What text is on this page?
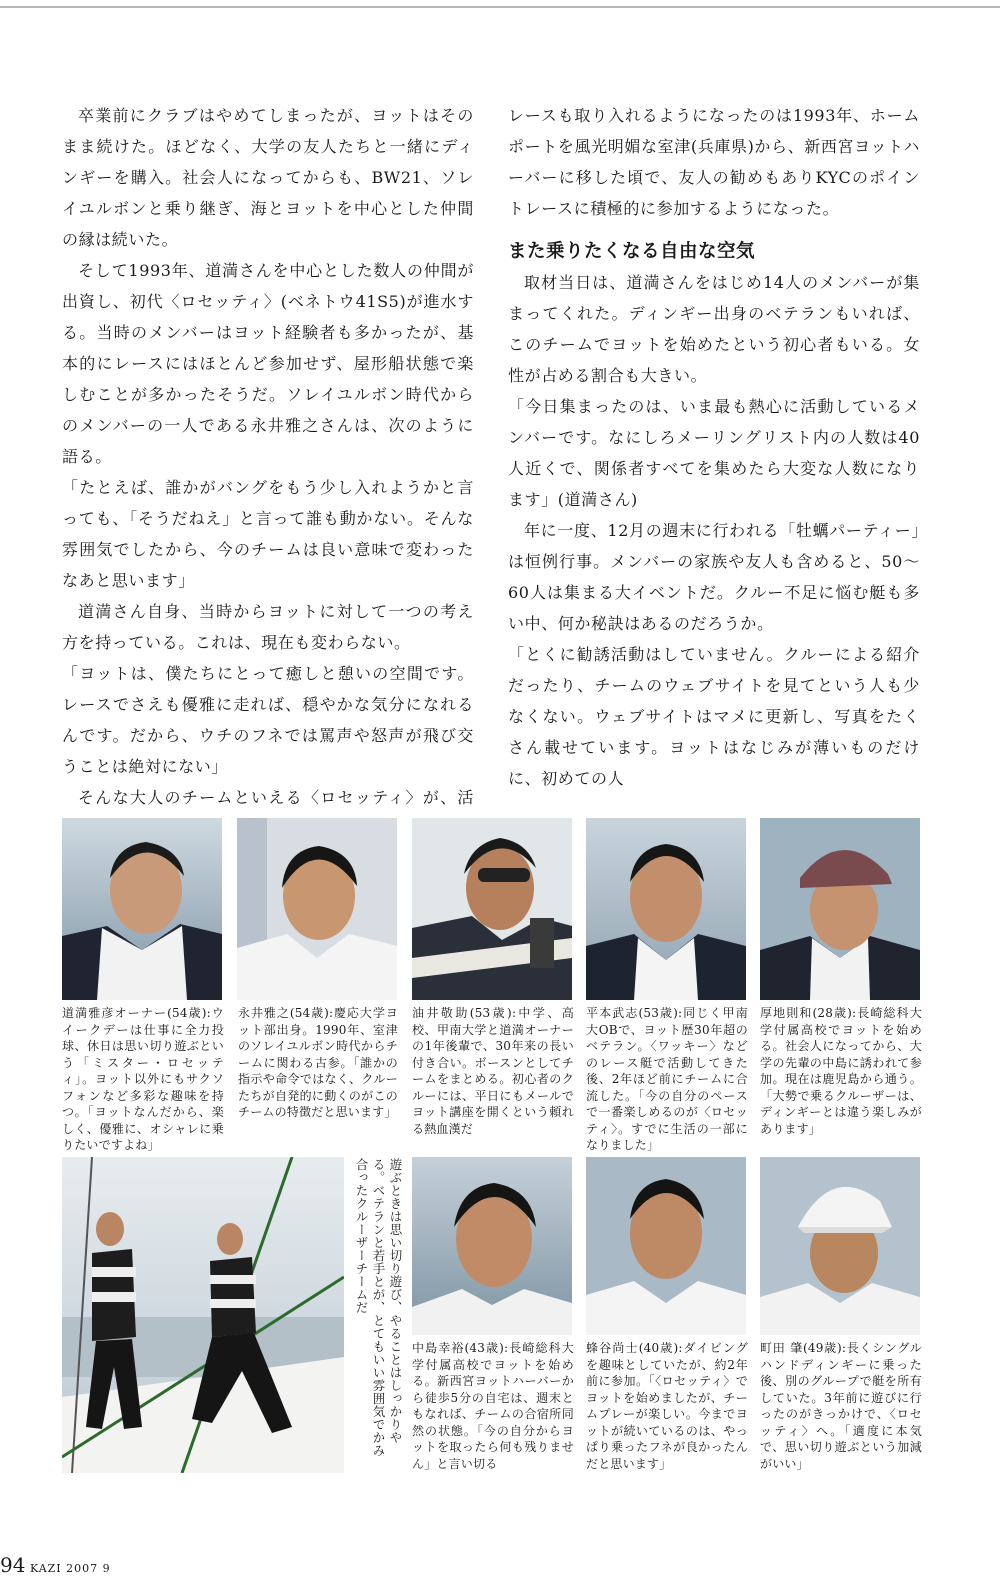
卒業前にクラブはやめてしまったが、ヨットはそのまま続けた。ほどなく、大学の友人たちと一緒にディンギーを購入。社会人になってからも、BW21、ソレイユルボンと乗り継ぎ、海とヨットを中心とした仲間の縁は続いた。

そして1993年、道満さんを中心とした数人の仲間が出資し、初代〈ロセッティ〉(ベネトウ41S5)が進水する。当時のメンバーはヨット経験者も多かったが、基本的にレースにはほとんど参加せず、屋形船状態で楽しむことが多かったそうだ。ソレイユルボン時代からのメンバーの一人である永井雅之さんは、次のように語る。

「たとえば、誰かがバングをもう少し入れようかと言っても、「そうだねえ」と言って誰も動かない。そんな雰囲気でしたから、今のチームは良い意味で変わったなあと思います」

道満さん自身、当時からヨットに対して一つの考え方を持っている。これは、現在も変わらない。

「ヨットは、僕たちにとって癒しと憩いの空間です。レースでさえも優雅に走れば、穏やかな気分になれるんです。だから、ウチのフネでは罵声や怒声が飛び交うことは絶対にない」

そんな大人のチームといえる〈ロセッティ〉が、活

レースも取り入れるようになったのは1993年、ホームポートを風光明媚な室津(兵庫県)から、新西宮ヨットハーバーに移した頃で、友人の勧めもありKYCのポイントレースに積極的に参加するようになった。

また乗りたくなる自由な空気

取材当日は、道満さんをはじめ14人のメンバーが集まってくれた。ディンギー出身のベテランもいれば、このチームでヨットを始めたという初心者もいる。女性が占める割合も大きい。

「今日集まったのは、いま最も熱心に活動しているメンバーです。なにしろメーリングリスト内の人数は40人近くで、関係者すべてを集めたら大変な人数になります」(道満さん)

年に一度、12月の週末に行われる「牡蠣パーティー」は恒例行事。メンバーの家族や友人も含めると、50〜60人は集まる大イベントだ。クルー不足に悩む艇も多い中、何か秘訣はあるのだろうか。

「とくに勧誘活動はしていません。クルーによる紹介だったり、チームのウェブサイトを見てという人も少なくない。ウェブサイトはマメに更新し、写真をたくさん載せています。ヨットはなじみが薄いものだけに、初めての人

道満雅彦オーナー(54歳):ウイークデーは仕事に全力投球、休日は思い切り遊ぶという「ミスター・ロセッティ」。ヨット以外にもサクソフォンなど多彩な趣味を持つ。「ヨットなんだから、楽しく、優雅に、オシャレに乗りたいですよね」
永井雅之(54歳):慶応大学ヨット部出身。1990年、室津のソレイユルボン時代からチームに関わる古参。「誰かの指示や命令ではなく、クルーたちが自発的に動くのがこのチームの特徴だと思います」
油井敬助(53歳):中学、高校、甲南大学と道満オーナーの1年後輩で、30年来の長い付き合い。ボースンとしてチームをまとめる。初心者のクルーには、平日にもメールでヨット講座を開くという頼れる熱血漢だ
平本武志(53歳):同じく甲南大OBで、ヨット歴30年超のベテラン。〈ワッキー〉などのレース艇で活動してきた後、2年ほど前にチームに合流した。「今の自分のペースで一番楽しめるのが〈ロセッティ〉。すでに生活の一部になりました」
厚地則和(28歳):長崎総科大学付属高校でヨットを始める。社会人になってから、大学の先輩の中島に誘われて参加。現在は鹿児島から通う。「大勢で乗るクルーザーは、ディンギーとは違う楽しみがあります」
遊ぶときは思い切り遊び、やることはしっかりやる。ベテランと若手とが、とてもいい雰囲気でかみ合ったクルーザーチームだ
中島幸裕(43歳):長崎総科大学付属高校でヨットを始める。新西宮ヨットハーバーから徒歩5分の自宅は、週末ともなれば、チームの合宿所同然の状態。「今の自分からヨットを取ったら何も残りません」と言い切る
蜂谷尚士(40歳):ダイビングを趣味としていたが、約2年前に参加。「〈ロセッティ〉でヨットを始めましたが、チームプレーが楽しい。今までヨットが続いているのは、やっぱり乗ったフネが良かったんだと思います」
町田 肇(49歳):長くシングルハンドディンギーに乗った後、別のグループで艇を所有していた。3年前に遊びに行ったのがきっかけで、〈ロセッティ〉へ。「適度に本気で、思い切り遊ぶという加減がいい」
94 KAZI 2007 9
